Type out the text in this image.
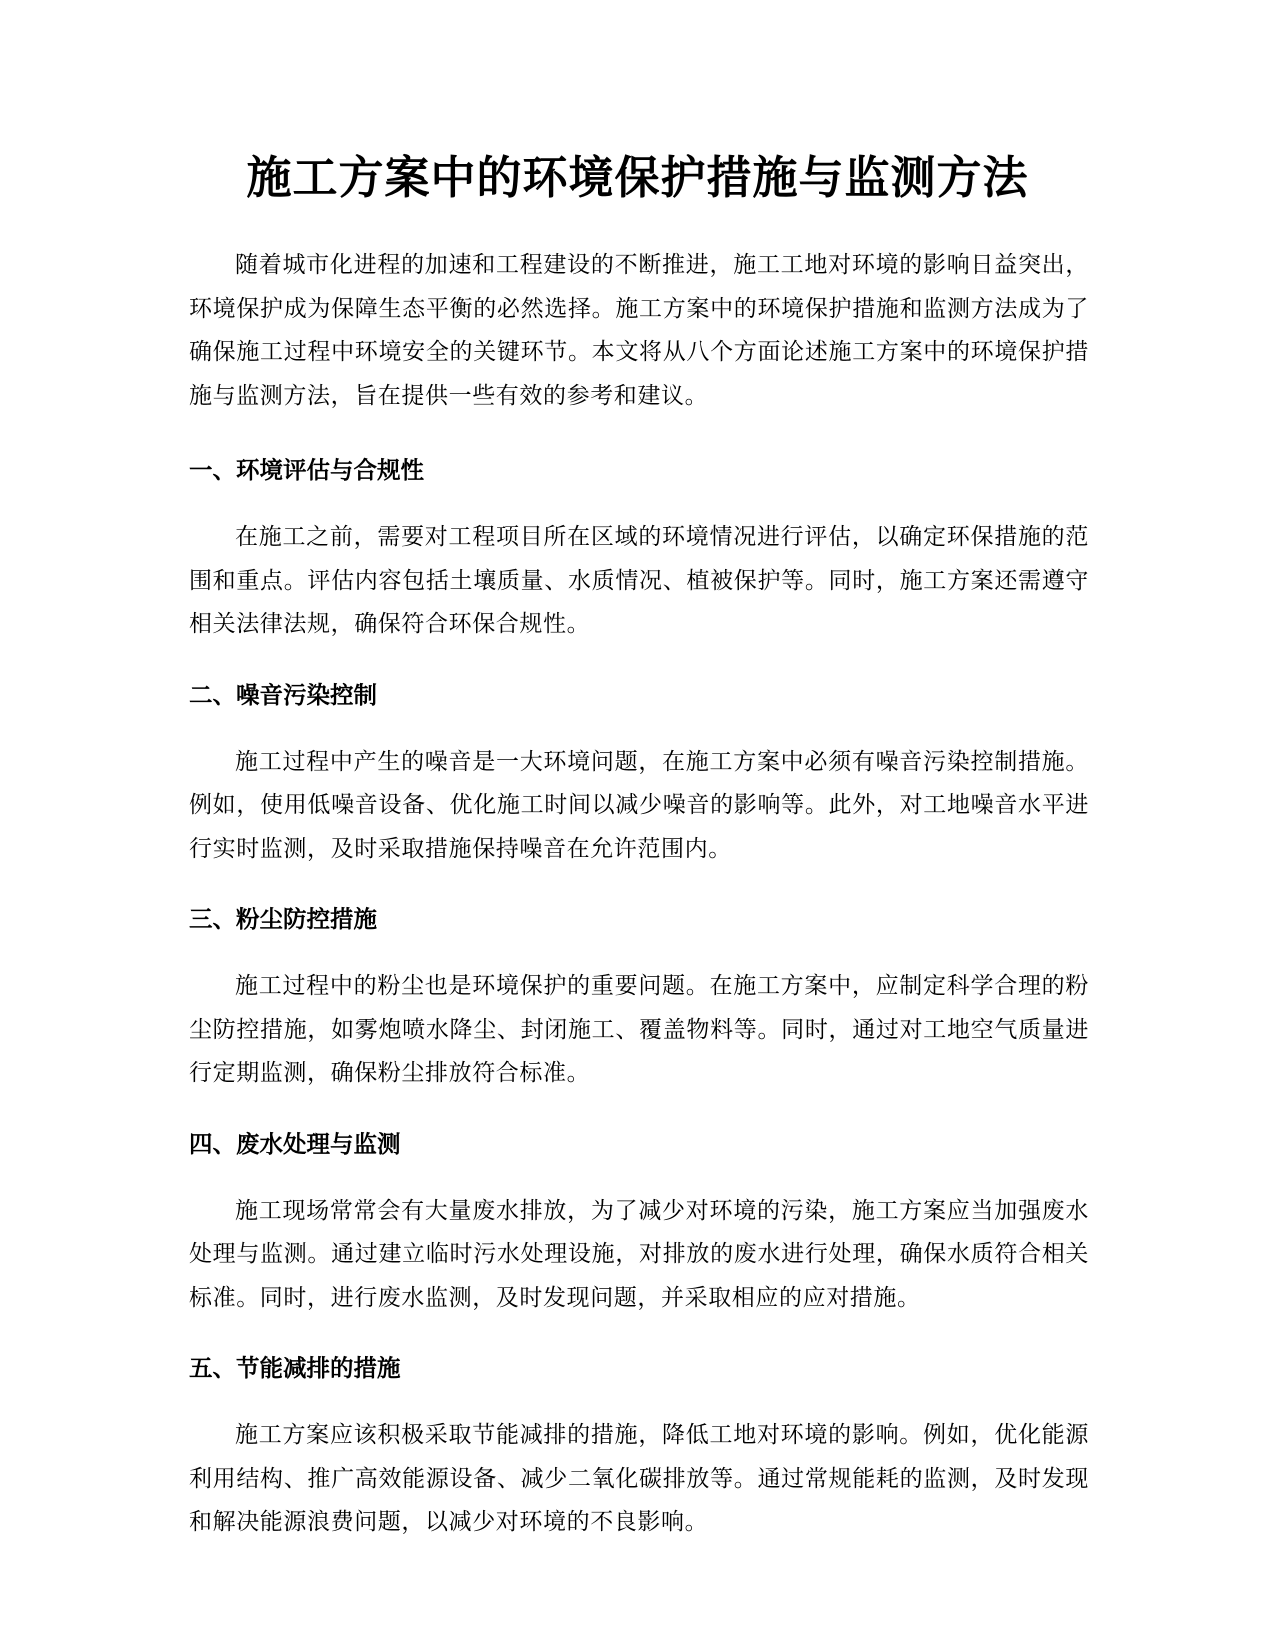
施工方案中的环境保护措施与监测方法

随着城市化进程的加速和工程建设的不断推进，施工工地对环境的影响日益突出，环境保护成为保障生态平衡的必然选择。施工方案中的环境保护措施和监测方法成为了确保施工过程中环境安全的关键环节。本文将从八个方面论述施工方案中的环境保护措施与监测方法，旨在提供一些有效的参考和建议。

一、环境评估与合规性

在施工之前，需要对工程项目所在区域的环境情况进行评估，以确定环保措施的范围和重点。评估内容包括土壤质量、水质情况、植被保护等。同时，施工方案还需遵守相关法律法规，确保符合环保合规性。

二、噪音污染控制

施工过程中产生的噪音是一大环境问题，在施工方案中必须有噪音污染控制措施。例如，使用低噪音设备、优化施工时间以减少噪音的影响等。此外，对工地噪音水平进行实时监测，及时采取措施保持噪音在允许范围内。

三、粉尘防控措施

施工过程中的粉尘也是环境保护的重要问题。在施工方案中，应制定科学合理的粉尘防控措施，如雾炮喷水降尘、封闭施工、覆盖物料等。同时，通过对工地空气质量进行定期监测，确保粉尘排放符合标准。

四、废水处理与监测

施工现场常常会有大量废水排放，为了减少对环境的污染，施工方案应当加强废水处理与监测。通过建立临时污水处理设施，对排放的废水进行处理，确保水质符合相关标准。同时，进行废水监测，及时发现问题，并采取相应的应对措施。

五、节能减排的措施

施工方案应该积极采取节能减排的措施，降低工地对环境的影响。例如，优化能源利用结构、推广高效能源设备、减少二氧化碳排放等。通过常规能耗的监测，及时发现和解决能源浪费问题，以减少对环境的不良影响。
